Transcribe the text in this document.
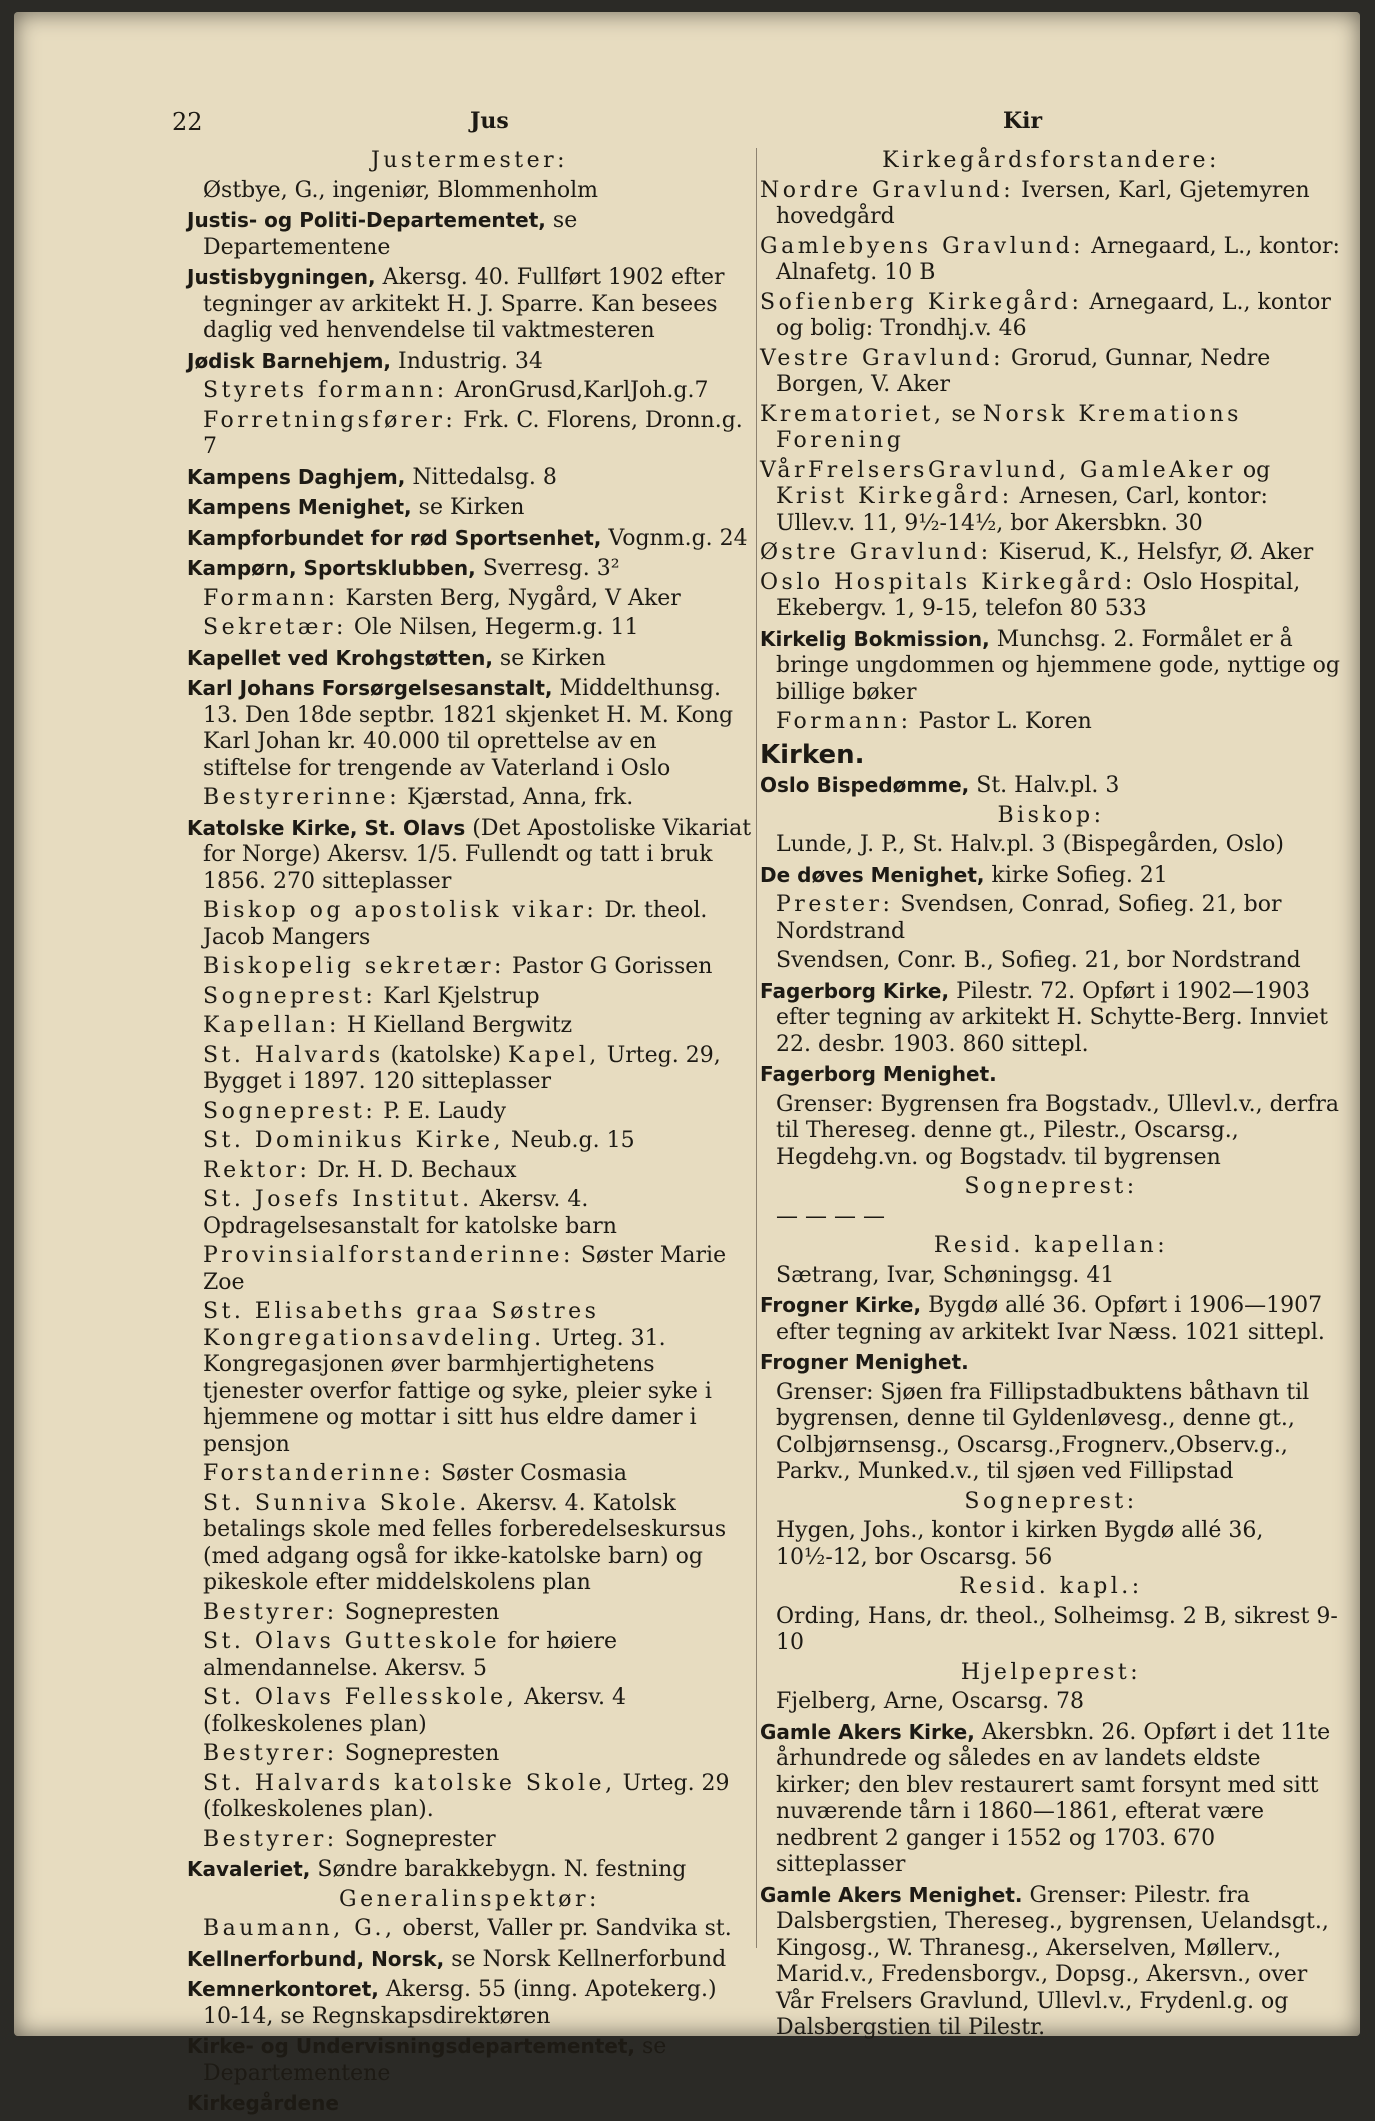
22	Jus	Kir
Justermester:
Østbye, G., ingeniør, Blommenholm
Justis- og Politi-Departementet, se Departementene
Justisbygningen, Akersg. 40. Fullført 1902 efter tegninger av arkitekt H. J. Sparre. Kan besees daglig ved henvendelse til vaktmesteren
Jødisk Barnehjem, Industrig. 34
Styrets formann: AronGrusd,KarlJoh.g.7
Forretningsfører: Frk. C. Florens, Dronn.g. 7
Kampens Daghjem, Nittedalsg. 8
Kampens Menighet, se Kirken
Kampforbundet for rød Sportsenhet, Vognm.g. 24
Kampørn, Sportsklubben, Sverresg. 3²
Formann: Karsten Berg, Nygård, V Aker
Sekretær: Ole Nilsen, Hegerm.g. 11
Kapellet ved Krohgstøtten, se Kirken
Karl Johans Forsørgelsesanstalt, Middelthunsg. 13. Den 18de septbr. 1821 skjenket H. M. Kong Karl Johan kr. 40.000 til oprettelse av en stiftelse for trengende av Vaterland i Oslo
Bestyrerinne: Kjærstad, Anna, frk.
Katolske Kirke, St. Olavs (Det Apostoliske Vikariat for Norge) Akersv. 1/5. Fullendt og tatt i bruk 1856. 270 sitteplasser
Biskop og apostolisk vikar: Dr. theol. Jacob Mangers
Biskopelig sekretær: Pastor G Gorissen
Sogneprest: Karl Kjelstrup
Kapellan: H Kielland Bergwitz
St. Halvards (katolske) Kapel, Urteg. 29, Bygget i 1897. 120 sitteplasser
Sogneprest: P. E. Laudy
St. Dominikus Kirke, Neub.g. 15
Rektor: Dr. H. D. Bechaux
St. Josefs Institut. Akersv. 4. Opdragelsesanstalt for katolske barn
Provinsialforstanderinne: Søster Marie Zoe
St. Elisabeths graa Søstres Kongregationsavdeling. Urteg. 31. Kongregasjonen øver barmhjertighetens tjenester overfor fattige og syke, pleier syke i hjemmene og mottar i sitt hus eldre damer i pensjon
Forstanderinne: Søster Cosmasia
St. Sunniva Skole. Akersv. 4. Katolsk betalings skole med felles forberedelseskursus (med adgang også for ikke-katolske barn) og pikeskole efter middelskolens plan
Bestyrer: Sognepresten
St. Olavs Gutteskole for høiere almendannelse. Akersv. 5
St. Olavs Fellesskole, Akersv. 4 (folkeskolenes plan)
Bestyrer: Sognepresten
St. Halvards katolske Skole, Urteg. 29 (folkeskolenes plan).
Bestyrer: Sogneprester
Kavaleriet, Søndre barakkebygn. N. festning
Generalinspektør:
Baumann, G., oberst, Valler pr. Sandvika st.
Kellnerforbund, Norsk, se Norsk Kellnerforbund
Kemnerkontoret, Akersg. 55 (inng. Apotekerg.) 10-14, se Regnskapsdirektøren
Kirke- og Undervisningsdepartementet, se Departementene
Kirkegårdene
Kirkegårdsforstandere:
Nordre Gravlund: Iversen, Karl, Gjetemyren hovedgård
Gamlebyens Gravlund: Arnegaard, L., kontor: Alnafetg. 10 B
Sofienberg Kirkegård: Arnegaard, L., kontor og bolig: Trondhj.v. 46
Vestre Gravlund: Grorud, Gunnar, Nedre Borgen, V. Aker
Krematoriet, se Norsk Kremations Forening
VårFrelsersGravlund, GamleAker og Krist Kirkegård: Arnesen, Carl, kontor: Ullev.v. 11, 9½-14½, bor Akersbkn. 30
Østre Gravlund: Kiserud, K., Helsfyr, Ø. Aker
Oslo Hospitals Kirkegård: Oslo Hospital, Ekebergv. 1, 9-15, telefon 80 533
Kirkelig Bokmission, Munchsg. 2. Formålet er å bringe ungdommen og hjemmene gode, nyttige og billige bøker
Formann: Pastor L. Koren
Kirken.
Oslo Bispedømme, St. Halv.pl. 3
Biskop:
Lunde, J. P., St. Halv.pl. 3 (Bispegården, Oslo)
De døves Menighet, kirke Sofieg. 21
Prester: Svendsen, Conrad, Sofieg. 21, bor Nordstrand
Svendsen, Conr. B., Sofieg. 21, bor Nordstrand
Fagerborg Kirke, Pilestr. 72. Opført i 1902—1903 efter tegning av arkitekt H. Schytte-Berg. Innviet 22. desbr. 1903. 860 sittepl.
Fagerborg Menighet.
Grenser: Bygrensen fra Bogstadv., Ullevl.v., derfra til Thereseg. denne gt., Pilestr., Oscarsg., Hegdehg.vn. og Bogstadv. til bygrensen
Sogneprest:
— — — —
Resid. kapellan:
Sætrang, Ivar, Schøningsg. 41
Frogner Kirke, Bygdø allé 36. Opført i 1906—1907 efter tegning av arkitekt Ivar Næss. 1021 sittepl.
Frogner Menighet.
Grenser: Sjøen fra Fillipstadbuktens båthavn til bygrensen, denne til Gyldenløvesg., denne gt., Colbjørnsensg., Oscarsg.,Frognerv.,Observ.g., Parkv., Munked.v., til sjøen ved Fillipstad
Sogneprest:
Hygen, Johs., kontor i kirken Bygdø allé 36, 10½-12, bor Oscarsg. 56
Resid. kapl.:
Ording, Hans, dr. theol., Solheimsg. 2 B, sikrest 9-10
Hjelpeprest:
Fjelberg, Arne, Oscarsg. 78
Gamle Akers Kirke, Akersbkn. 26. Opført i det 11te århundrede og således en av landets eldste kirker; den blev restaurert samt forsynt med sitt nuværende tårn i 1860—1861, efterat være nedbrent 2 ganger i 1552 og 1703. 670 sitteplasser
Gamle Akers Menighet. Grenser: Pilestr. fra Dalsbergstien, Thereseg., bygrensen, Uelandsgt., Kingosg., W. Thranesg., Akerselven, Møllerv., Marid.v., Fredensborgv., Dopsg., Akersvn., over Vår Frelsers Gravlund, Ullevl.v., Frydenl.g. og Dalsbergstien til Pilestr.
